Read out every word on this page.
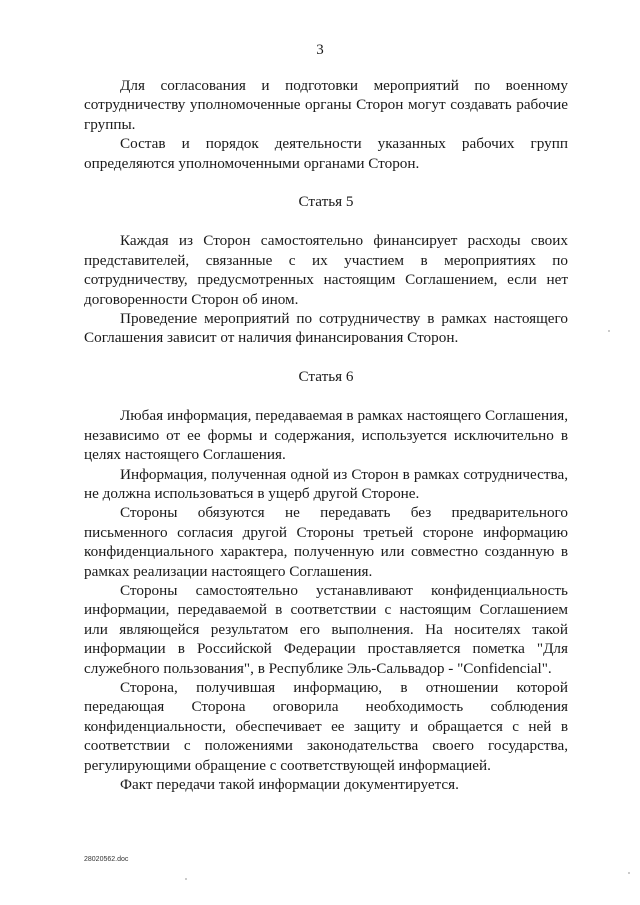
3

Для согласования и подготовки мероприятий по военному сотрудничеству уполномоченные органы Сторон могут создавать рабочие группы.

Состав и порядок деятельности указанных рабочих групп определяются уполномоченными органами Сторон.

Статья 5

Каждая из Сторон самостоятельно финансирует расходы своих представителей, связанные с их участием в мероприятиях по сотрудничеству, предусмотренных настоящим Соглашением, если нет договоренности Сторон об ином.

Проведение мероприятий по сотрудничеству в рамках настоящего Соглашения зависит от наличия финансирования Сторон.

Статья 6

Любая информация, передаваемая в рамках настоящего Соглашения, независимо от ее формы и содержания, используется исключительно в целях настоящего Соглашения.

Информация, полученная одной из Сторон в рамках сотрудничества, не должна использоваться в ущерб другой Стороне.

Стороны обязуются не передавать без предварительного письменного согласия другой Стороны третьей стороне информацию конфиденциального характера, полученную или совместно созданную в рамках реализации настоящего Соглашения.

Стороны самостоятельно устанавливают конфиденциальность информации, передаваемой в соответствии с настоящим Соглашением или являющейся результатом его выполнения. На носителях такой информации в Российской Федерации проставляется пометка "Для служебного пользования", в Республике Эль-Сальвадор - "Confidencial".

Сторона, получившая информацию, в отношении которой передающая Сторона оговорила необходимость соблюдения конфиденциальности, обеспечивает ее защиту и обращается с ней в соответствии с положениями законодательства своего государства, регулирующими обращение с соответствующей информацией.

Факт передачи такой информации документируется.

28020562.doc
